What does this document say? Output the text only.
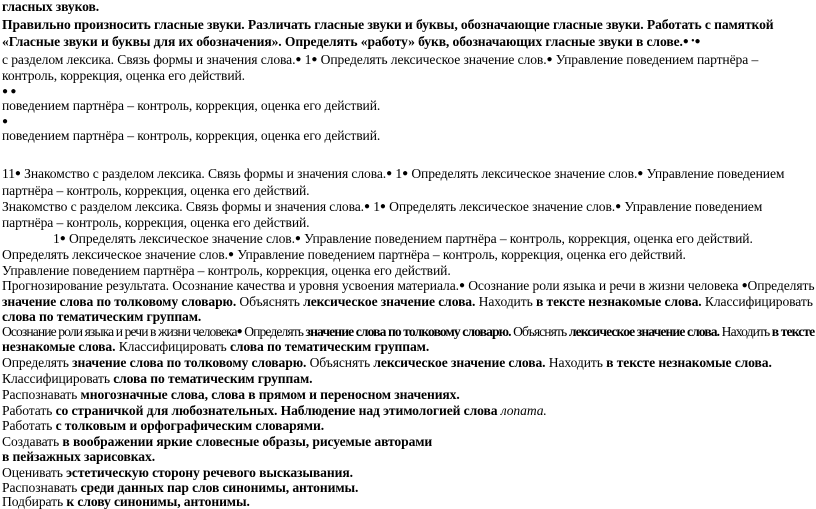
гласных звуков.
Правильно произносить гласные звуки. Различать гласные звуки и буквы, обозначающие гласные звуки. Работать с памяткой
«Гласные звуки и буквы для их обозначения». Определять «работу» букв, обозначающих гласные звуки в слове.● •●
с разделом лексика. Связь формы и значения слова.● 1● Определять лексическое значение слов.● Управление поведением партнёра –
контроль, коррекция, оценка его действий.
● ●
поведением партнёра – контроль, коррекция, оценка его действий.
●
поведением партнёра – контроль, коррекция, оценка его действий.
11● Знакомство с разделом лексика. Связь формы и значения слова.● 1● Определять лексическое значение слов.● Управление поведением
партнёра – контроль, коррекция, оценка его действий.
Знакомство с разделом лексика. Связь формы и значения слова.● 1● Определять лексическое значение слов.● Управление поведением
партнёра – контроль, коррекция, оценка его действий.
1● Определять лексическое значение слов.● Управление поведением партнёра – контроль, коррекция, оценка его действий.
Определять лексическое значение слов.● Управление поведением партнёра – контроль, коррекция, оценка его действий.
Управление поведением партнёра – контроль, коррекция, оценка его действий.
Прогнозирование результата. Осознание качества и уровня усвоения материала.● Осознание роли языка и речи в жизни человека ●Определять
значение слова по толковому словарю. Объяснять лексическое значение слова. Находить в тексте незнакомые слова. Классифицировать
слова по тематическим группам.
Осознание роли языка и речи в жизни человека● Определять значение слова по толковому словарю. Объяснять лексическое значение слова. Находить в тексте
незнакомые слова. Классифицировать слова по тематическим группам.
Определять значение слова по толковому словарю. Объяснять лексическое значение слова. Находить в тексте незнакомые слова.
Классифицировать слова по тематическим группам.
Распознавать многозначные слова, слова в прямом и переносном значениях.
Работать со страничкой для любознательных. Наблюдение над этимологией слова лопата.
Работать с толковым и орфографическим словарями.
Создавать в воображении яркие словесные образы, рисуемые авторами
в пейзажных зарисовках.
Оценивать эстетическую сторону речевого высказывания.
Распознавать среди данных пар слов синонимы, антонимы.
Подбирать к слову синонимы, антонимы.
